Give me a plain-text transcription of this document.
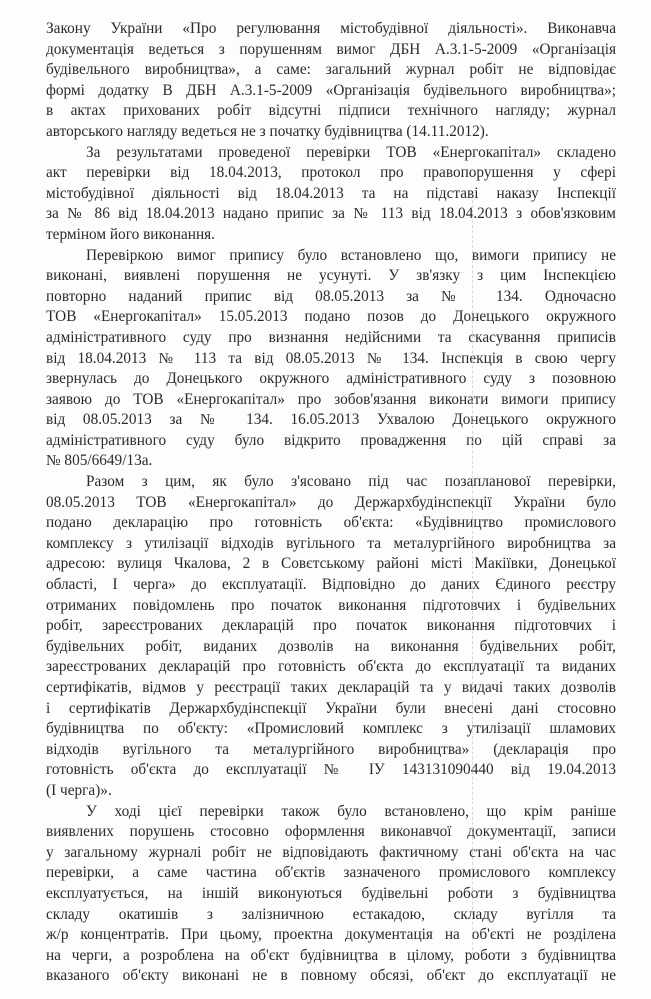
Закону України «Про регулювання містобудівної діяльності». Виконавча
документація ведеться з порушенням вимог ДБН А.3.1-5-2009 «Організація
будівельного виробництва», а саме: загальний журнал робіт не відповідає
формі додатку В ДБН А.3.1-5-2009 «Організація будівельного виробництва»;
в актах прихованих робіт відсутні підписи технічного нагляду; журнал
авторського нагляду ведеться не з початку будівництва (14.11.2012).
За результатами проведеної перевірки ТОВ «Енергокапітал» складено
акт перевірки від 18.04.2013, протокол про правопорушення у сфері
містобудівної діяльності від 18.04.2013 та на підставі наказу Інспекції
за № 86 від 18.04.2013 надано припис за № 113 від 18.04.2013 з обов'язковим
терміном його виконання.
Перевіркою вимог припису було встановлено що, вимоги припису не
виконані, виявлені порушення не усунуті. У зв'язку з цим Інспекцією
повторно наданий припис від 08.05.2013 за № 134. Одночасно
ТОВ «Енергокапітал» 15.05.2013 подано позов до Донецького окружного
адміністративного суду про визнання недійсними та скасування приписів
від 18.04.2013 № 113 та від 08.05.2013 № 134. Інспекція в свою чергу
звернулась до Донецького окружного адміністративного суду з позовною
заявою до ТОВ «Енергокапітал» про зобов'язання виконати вимоги припису
від 08.05.2013 за № 134. 16.05.2013 Ухвалою Донецького окружного
адміністративного суду було відкрито провадження по цій справі за
№ 805/6649/13а.
Разом з цим, як було з'ясовано під час позапланової перевірки,
08.05.2013 ТОВ «Енергокапітал» до Держархбудінспекції України було
подано декларацію про готовність об'єкта: «Будівництво промислового
комплексу з утилізації відходів вугільного та металургійного виробництва за
адресою: вулиця Чкалова, 2 в Совєтському районі місті Макіївки, Донецької
області, I черга» до експлуатації. Відповідно до даних Єдиного реєстру
отриманих повідомлень про початок виконання підготовчих і будівельних
робіт, зареєстрованих декларацій про початок виконання підготовчих і
будівельних робіт, виданих дозволів на виконання будівельних робіт,
зареєстрованих декларацій про готовність об'єкта до експлуатації та виданих
сертифікатів, відмов у реєстрації таких декларацій та у видачі таких дозволів
і сертифікатів Держархбудінспекції України були внесені дані стосовно
будівництва по об'єкту: «Промисловий комплекс з утилізації шламових
відходів вугільного та металургійного виробництва» (декларація про
готовність об'єкта до експлуатації № ІУ 143131090440 від 19.04.2013
(І черга)».
У ході цієї перевірки також було встановлено, що крім раніше
виявлених порушень стосовно оформлення виконавчої документації, записи
у загальному журналі робіт не відповідають фактичному стані об'єкта на час
перевірки, а саме частина об'єктів зазначеного промислового комплексу
експлуатується, на іншій виконуються будівельні роботи з будівництва
складу окатишів з залізничною естакадою, складу вугілля та
ж/р концентратів. При цьому, проектна документація на об'єкті не розділена
на черги, а розроблена на об'єкт будівництва в цілому, роботи з будівництва
вказаного об'єкту виконані не в повному обсязі, об'єкт до експлуатації не
